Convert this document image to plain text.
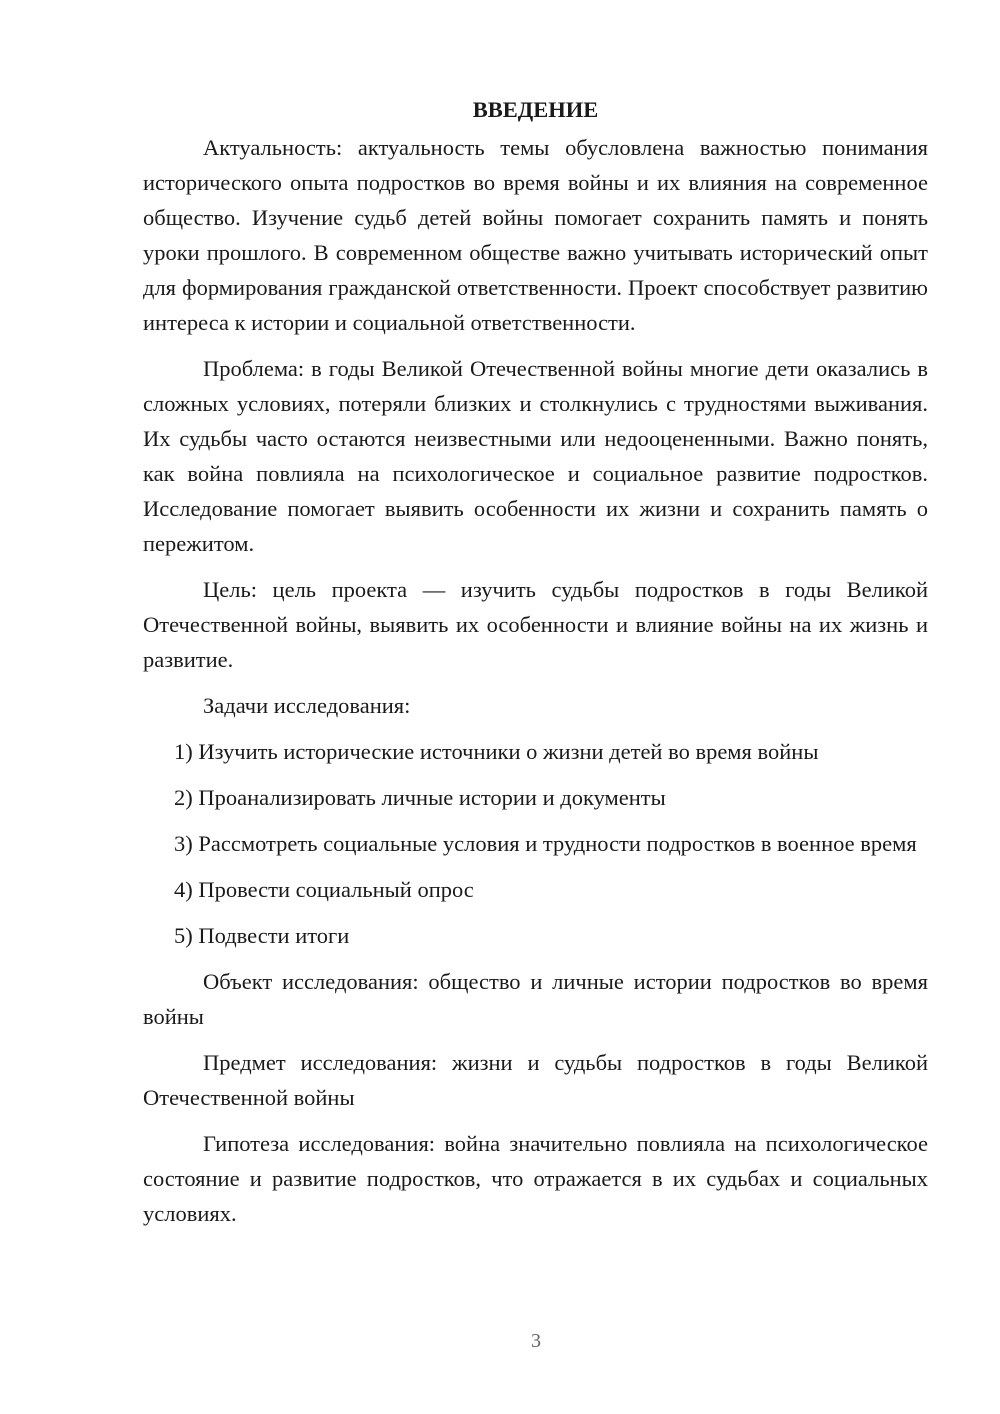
ВВЕДЕНИЕ

Актуальность: актуальность темы обусловлена важностью понимания исторического опыта подростков во время войны и их влияния на современное общество. Изучение судьб детей войны помогает сохранить память и понять уроки прошлого. В современном обществе важно учитывать исторический опыт для формирования гражданской ответственности. Проект способствует развитию интереса к истории и социальной ответственности.

Проблема: в годы Великой Отечественной войны многие дети оказались в сложных условиях, потеряли близких и столкнулись с трудностями выживания. Их судьбы часто остаются неизвестными или недооцененными. Важно понять, как война повлияла на психологическое и социальное развитие подростков. Исследование помогает выявить особенности их жизни и сохранить память о пережитом.

Цель: цель проекта — изучить судьбы подростков в годы Великой Отечественной войны, выявить их особенности и влияние войны на их жизнь и развитие.

Задачи исследования:

1) Изучить исторические источники о жизни детей во время войны

2) Проанализировать личные истории и документы

3) Рассмотреть социальные условия и трудности подростков в военное время

4) Провести социальный опрос

5) Подвести итоги

Объект исследования: общество и личные истории подростков во время войны

Предмет исследования: жизни и судьбы подростков в годы Великой Отечественной войны

Гипотеза исследования: война значительно повлияла на психологическое состояние и развитие подростков, что отражается в их судьбах и социальных условиях.

3
